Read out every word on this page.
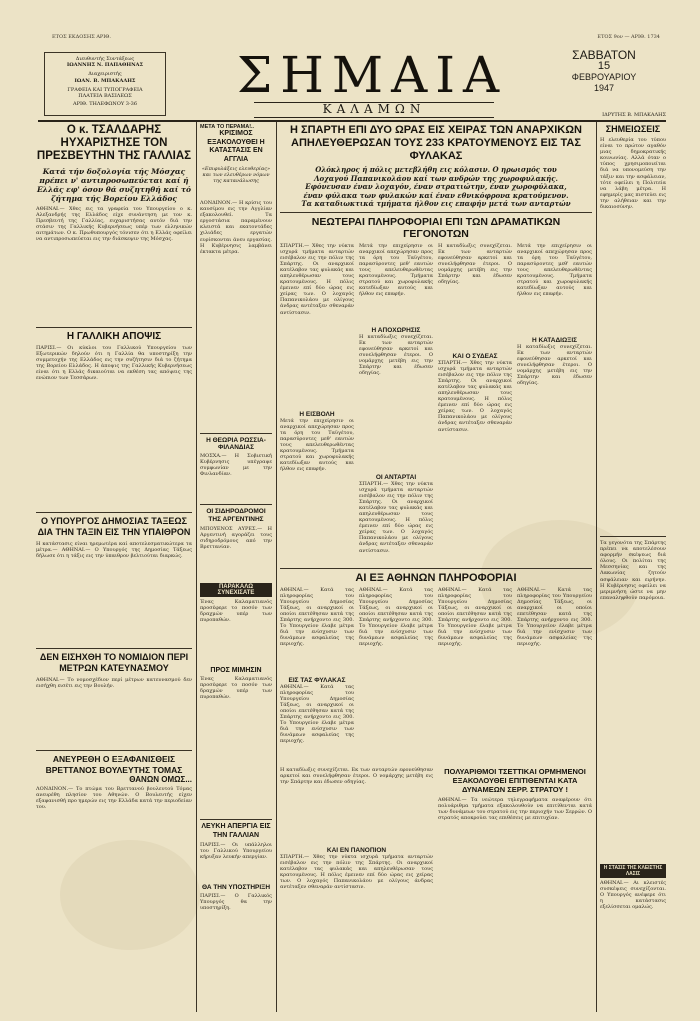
ΕΤΟΣ ΕΚΔΟΣΗΣ ΑΡΙΘ.	ΕΤΟΣ 9ον — ΑΡΙΘ. 1734
Διευθυντής Συντάξεως
ΙΩΑΝΝΗΣ Ν. ΠΑΠΑΘΗΝΑΣ
Διαχειριστής
ΙΩΑΝ. Β. ΜΠΑΚΑΛΗΣ
ΓΡΑΦΕΙΑ ΚΑΙ ΤΥΠΟΓΡΑΦΕΙΑ
ΠΛΑΤΕΙΑ ΒΑΣΙΛΕΩΣ
ΑΡΙΘ. ΤΗΛΕΦΩΝΟΥ 3-36
ΣΗΜΑΙΑ
ΚΑΛΑΜΩΝ
ΣΑΒΒΑΤΟΝ
15
ΦΕΒΡΟΥΑΡΙΟΥ
1947
ΙΔΡΥΤΗΣ Β. ΜΠΑΚΑΛΗΣ
Ο κ. ΤΣΑΛΔΑΡΗΣ ΗΥΧΑΡΙΣΤΗΣΕ ΤΟΝ ΠΡΕΣΒΕΥΤΗΝ ΤΗΣ ΓΑΛΛΙΑΣ
Κατά τήν δοξολογία τής Μόσχας πρέπει ν' αντιπροσωπεύεται καί ή Ελλάς εφ' όσον θά συζητηθή καί τό ζήτημα τής Βορείου Ελλάδος
ΑΘΗΝΑΙ.— Χθες εις τα γραφεία του Υπουργείου ο κ. Αλεξανδρής της Ελλάδος είχε συνάντηση με τον κ. Πρεσβευτή της Γαλλίας, ευχαριστήσας αυτόν διά την στάσιν της Γαλλικής Κυβερνήσεως υπέρ των ελληνικών αιτημάτων. Ο κ. Πρωθυπουργός τόνισεν ότι η Ελλάς οφείλει να αντιπροσωπεύεται εις την διάσκεψιν της Μόσχας.
Η ΓΑΛΛΙΚΗ ΑΠΟΨΙΣ
ΠΑΡΙΣΙ.— Οι κύκλοι του Γαλλικού Υπουργείου των Εξωτερικών δηλούν ότι η Γαλλία θα υποστηρίξη την συμμετοχήν της Ελλάδος εις την συζήτησιν διά το ζήτημα της Βορείου Ελλάδος. Η άποψις της Γαλλικής Κυβερνήσεως είναι ότι η Ελλάς δικαιούται να εκθέση τας απόψεις της ενώπιον των Τεσσάρων.
Ο ΥΠΟΥΡΓΟΣ ΔΗΜΟΣΙΑΣ ΤΑΞΕΩΣ ΔΙΑ ΤΗΝ ΤΑΞΙΝ ΕΙΣ ΤΗΝ ΥΠΑΙΘΡΟΝ
Η κατάστασις είναι ηρεμωτέρα καί αποτελεσματικώτερα τα μέτρα.— ΑΘΗΝΑΙ.— Ο Υπουργός της Δημοσίας Τάξεως δήλωσε ότι η τάξις εις την ύπαιθρον βελτιούται διαρκώς.
ΔΕΝ ΕΙΣΗΧΘΗ ΤΟ ΝΟΜΙΔΙΟΝ ΠΕΡΙ ΜΕΤΡΩΝ ΚΑΤΕΥΝΑΣΜΟΥ
ΑΘΗΝΑΙ.— Το νομοσχέδιον περί μέτρων κατευνασμού δεν εισήχθη εισέτι εις την Βουλήν.
ΑΝΕΥΡΕΘΗ Ο ΕΞΑΦΑΝΙΣΘΕΙΣ ΒΡΕΤΤΑΝΟΣ ΒΟΥΛΕΥΤΗΣ ΤΟΜΑΣ
ΘΑΝΩΝ ΟΜΩΣ...
ΛΟΝΔΙΝΟΝ.— Το πτώμα του Βρεττανού βουλευτού Τόμας ανευρέθη πλησίον του Αθηνών. Ο Βουλευτής είχεν εξαφανισθή προ ημερών εις την Ελλάδα κατά την περιοδείαν του.
ΜΕΤΑ ΤΟ ΠΕΡΑΜΑ!..
ΚΡΙΣΙΜΟΣ ΕΞΑΚΟΛΟΥΘΕΙ Η ΚΑΤΑΣΤΑΣΙΣ ΕΝ ΑΓΓΛΙΑ
«Επιφυλάξεις ελευθερίας» και των ελευθέρων νόμων της κατανάλωσης
ΛΟΝΔΙΝΟΝ.— Η κρίσις του καυσίμου εις την Αγγλίαν εξακολουθεί. Τα εργοστάσια παραμένουν κλειστά και εκατοντάδες χιλιάδες εργατών ευρίσκονται άνευ εργασίας. Η Κυβέρνησις λαμβάνει έκτακτα μέτρα.
Η ΘΕΩΡΙΑ ΡΩΣΣΙΑ-ΦΙΛΑΝΔΙΑΣ
ΜΟΣΧΑ.— Η Σοβιετική Κυβέρνησις υπέγραψε συμφωνίαν με την Φινλανδίαν.
ΟΙ ΣΙΔΗΡΟΔΡΟΜΟΙ ΤΗΣ ΑΡΓΕΝΤΙΝΗΣ
ΜΠΟΥΕΝΟΣ ΑΫΡΕΣ.— Η Αργεντινή αγοράζει τους σιδηροδρόμους από την Βρεττανίαν.
ΠΑΡΑΚΑΛΩ ΣΥΝΕΧΙΣΑΤΕ
Ένας Καλαματιανός προσέφερε το ποσόν των δραχμών υπέρ των πυροπαθών.
ΠΡΟΣ ΜΙΜΗΣΙΝ
Ένας Καλαματιανός προσέφερε το ποσόν των δραχμών υπέρ των πυροπαθών.
ΛΕΥΚΗ ΑΠΕΡΓΙΑ ΕΙΣ ΤΗΝ ΓΑΛΛΙΑΝ
ΠΑΡΙΣΙ.— Οι υπάλληλοι του Γαλλικού Υπουργείου κήρυξαν λευκήν απεργίαν.
ΘΑ ΤΗΝ ΥΠΟΣΤΗΡΙΞΗ
ΠΑΡΙΣΙ.— Ο Γαλλικός Υπουργός θα την υποστηρίξη.
Η ΣΠΑΡΤΗ ΕΠΙ ΔΥΟ ΩΡΑΣ ΕΙΣ ΧΕΙΡΑΣ ΤΩΝ ΑΝΑΡΧΙΚΩΝ
ΑΠΗΛΕΥΘΕΡΩΣΑΝ ΤΟΥΣ 233 ΚΡΑΤΟΥΜΕΝΟΥΣ ΕΙΣ ΤΑΣ ΦΥΛΑΚΑΣ
Ολόκληρος ή πόλις μετεβλήθη εις κόλασιν. Ο ηρωισμός του Λοχαγού Παπανικολάου καί των ανδρών της χωροφυλακής. Εφόνευσαν έναν λοχαγόν, έναν στρατιώτην, έναν χωροφύλακα, έναν φύλακα των φυλακών καί έναν εθνικόφρονα κρατούμενον. Τα καταδιωκτικά τμήματα ήλθον εις επαφήν μετά των ανταρτών
ΝΕΩΤΕΡΑΙ ΠΛΗΡΟΦΟΡΙΑΙ ΕΠΙ ΤΩΝ ΔΡΑΜΑΤΙΚΩΝ ΓΕΓΟΝΟΤΩΝ
ΣΠΑΡΤΗ.— Χθες την νύκτα ισχυρά τμήματα ανταρτών εισέβαλον εις την πόλιν της Σπάρτης. Οι αναρχικοί κατέλαβον τας φυλακάς και απηλευθέρωσαν τους κρατουμένους. Η πόλις έμεινεν επί δύο ώρας εις χείρας των. Ο λοχαγός Παπανικολάου με ολίγους άνδρας αντέταξεν σθεναράν αντίστασιν.
Η ΕΙΣΒΟΛΗ
Μετά την επιχείρησιν οι αναρχικοί απεχώρησαν προς τα όρη του Ταϋγέτου, παρασύροντες μεθ' εαυτών τους απελευθερωθέντας κρατουμένους. Τμήματα στρατού και χωροφυλακής κατεδίωξαν αυτούς και ήλθον εις επαφήν.
Μετά την επιχείρησιν οι αναρχικοί απεχώρησαν προς τα όρη του Ταϋγέτου, παρασύροντες μεθ' εαυτών τους απελευθερωθέντας κρατουμένους. Τμήματα στρατού και χωροφυλακής κατεδίωξαν αυτούς και ήλθον εις επαφήν.
Η ΑΠΟΧΩΡΗΣΙΣ
Η καταδίωξις συνεχίζεται. Εκ των ανταρτών εφονεύθησαν αρκετοί και συνελήφθησαν έτεροι. Ο νομάρχης μετέβη εις την Σπάρτην και έδωσεν οδηγίας.
ΟΙ ΑΝΤΑΡΤΑΙ
ΣΠΑΡΤΗ.— Χθες την νύκτα ισχυρά τμήματα ανταρτών εισέβαλον εις την πόλιν της Σπάρτης. Οι αναρχικοί κατέλαβον τας φυλακάς και απηλευθέρωσαν τους κρατουμένους. Η πόλις έμεινεν επί δύο ώρας εις χείρας των. Ο λοχαγός Παπανικολάου με ολίγους άνδρας αντέταξεν σθεναράν αντίστασιν.
Η καταδίωξις συνεχίζεται. Εκ των ανταρτών εφονεύθησαν αρκετοί και συνελήφθησαν έτεροι. Ο νομάρχης μετέβη εις την Σπάρτην και έδωσεν οδηγίας.
ΚΑΙ Ο ΣΥΔΕΑΣ
ΣΠΑΡΤΗ.— Χθες την νύκτα ισχυρά τμήματα ανταρτών εισέβαλον εις την πόλιν της Σπάρτης. Οι αναρχικοί κατέλαβον τας φυλακάς και απηλευθέρωσαν τους κρατουμένους. Η πόλις έμεινεν επί δύο ώρας εις χείρας των. Ο λοχαγός Παπανικολάου με ολίγους άνδρας αντέταξεν σθεναράν αντίστασιν.
Μετά την επιχείρησιν οι αναρχικοί απεχώρησαν προς τα όρη του Ταϋγέτου, παρασύροντες μεθ' εαυτών τους απελευθερωθέντας κρατουμένους. Τμήματα στρατού και χωροφυλακής κατεδίωξαν αυτούς και ήλθον εις επαφήν.
Η ΚΑΤΑΔΙΩΞΙΣ
Η καταδίωξις συνεχίζεται. Εκ των ανταρτών εφονεύθησαν αρκετοί και συνελήφθησαν έτεροι. Ο νομάρχης μετέβη εις την Σπάρτην και έδωσεν οδηγίας.
ΑΙ ΕΞ ΑΘΗΝΩΝ ΠΛΗΡΟΦΟΡΙΑΙ
ΑΘΗΝΑΙ.— Κατά τας πληροφορίας του Υπουργείου Δημοσίας Τάξεως, οι αναρχικοί οι οποίοι επετέθησαν κατά της Σπάρτης ανήρχοντο εις 300. Το Υπουργείον έλαβε μέτρα διά την ενίσχυσιν των δυνάμεων ασφαλείας της περιοχής.
ΕΙΣ ΤΑΣ ΦΥΛΑΚΑΣ
ΑΘΗΝΑΙ.— Κατά τας πληροφορίας του Υπουργείου Δημοσίας Τάξεως, οι αναρχικοί οι οποίοι επετέθησαν κατά της Σπάρτης ανήρχοντο εις 300. Το Υπουργείον έλαβε μέτρα διά την ενίσχυσιν των δυνάμεων ασφαλείας της περιοχής.
ΑΘΗΝΑΙ.— Κατά τας πληροφορίας του Υπουργείου Δημοσίας Τάξεως, οι αναρχικοί οι οποίοι επετέθησαν κατά της Σπάρτης ανήρχοντο εις 300. Το Υπουργείον έλαβε μέτρα διά την ενίσχυσιν των δυνάμεων ασφαλείας της περιοχής.
ΑΘΗΝΑΙ.— Κατά τας πληροφορίας του Υπουργείου Δημοσίας Τάξεως, οι αναρχικοί οι οποίοι επετέθησαν κατά της Σπάρτης ανήρχοντο εις 300. Το Υπουργείον έλαβε μέτρα διά την ενίσχυσιν των δυνάμεων ασφαλείας της περιοχής.
ΑΘΗΝΑΙ.— Κατά τας πληροφορίας του Υπουργείου Δημοσίας Τάξεως, οι αναρχικοί οι οποίοι επετέθησαν κατά της Σπάρτης ανήρχοντο εις 300. Το Υπουργείον έλαβε μέτρα διά την ενίσχυσιν των δυνάμεων ασφαλείας της περιοχής.
Η καταδίωξις συνεχίζεται. Εκ των ανταρτών εφονεύθησαν αρκετοί και συνελήφθησαν έτεροι. Ο νομάρχης μετέβη εις την Σπάρτην και έδωσεν οδηγίας.
ΚΑΙ ΕΝ ΠΑΝΟΠΙΟΝ
ΣΠΑΡΤΗ.— Χθες την νύκτα ισχυρά τμήματα ανταρτών εισέβαλον εις την πόλιν της Σπάρτης. Οι αναρχικοί κατέλαβον τας φυλακάς και απηλευθέρωσαν τους κρατουμένους. Η πόλις έμεινεν επί δύο ώρας εις χείρας των. Ο λοχαγός Παπανικολάου με ολίγους άνδρας αντέταξεν σθεναράν αντίστασιν.
ΠΟΛΥΑΡΙΘΜΟΙ ΤΣΕΤΤΙΚΑΙ ΟΡΜΗΜΕΝΟΙ ΕΞΑΚΟΛΟΥΘΕΙ ΕΠΙΤΙΘΕΝΤΑΙ ΚΑΤΑ ΔΥΝΑΜΕΩΝ ΣΕΡΡ. ΣΤΡΑΤΟΥ !
ΑΘΗΝΑΙ.— Τα νεώτερα τηλεγραφήματα αναφέρουν ότι πολυάριθμα τμήματα εξακολουθούν να επιτίθενται κατά των δυνάμεων του στρατού εις την περιοχήν των Σερρών. Ο στρατός αποκρούει τας επιθέσεις με επιτυχίαν.
ΣΗΜΕΙΩΣΕΙΣ
Η ελευθερία του τύπου είναι το πρώτον αγαθόν μιας δημοκρατικής κοινωνίας. Αλλά όταν ο τύπος χρησιμοποιείται διά να υπονομεύση την τάξιν και την ασφάλειαν, τότε οφείλει η Πολιτεία να λάβη μέτρα. Η εφημερίς μας πιστεύει εις την αλήθειαν και την δικαιοσύνην.
Τα γεγονότα της Σπάρτης πρέπει να αποτελέσουν αφορμήν σκέψεως διά όλους. Οι πολίται της Μεσσηνίας και της Λακωνίας ζητούν ασφάλειαν και ειρήνην. Η Κυβέρνησις οφείλει να μεριμνήση ώστε να μην επαναληφθούν παρόμοια.
Η ΣΤΑΣΙΣ ΤΗΣ ΚΛΕΙΣΤΗΣ ΛΑΣΙΣ
ΑΘΗΝΑΙ.— Αι κλειστές συσκέψεις συνεχίζονται. Ο Υπουργός ανέφερε ότι η κατάστασις εξελίσσεται ομαλώς.
